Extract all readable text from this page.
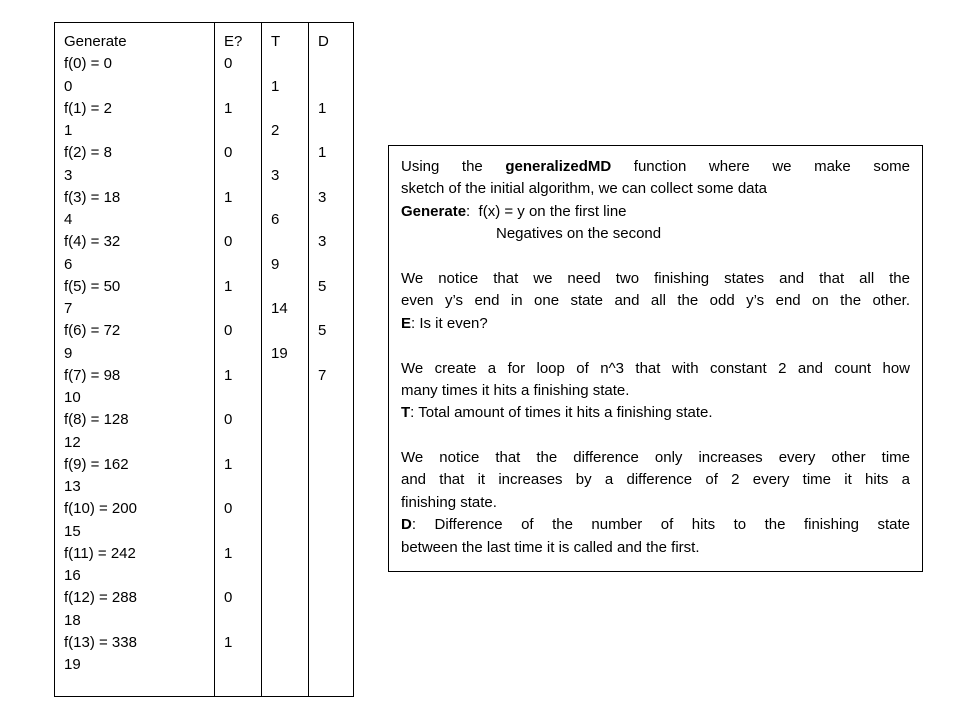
Generate
f(0) = 0
0
f(1) = 2
1
f(2) = 8
3
f(3) = 18
4
f(4) = 32
6
f(5) = 50
7
f(6) = 72
9
f(7) = 98
10
f(8) = 128
12
f(9) = 162
13
f(10) = 200
15
f(11) = 242
16
f(12) = 288
18
f(13) = 338
19
E?
0
1
0
1
0
1
0
1
0
1
0
1
0
1
T
1
2
3
6
9
14
19
D
1
1
3
3
5
5
7
Using the generalizedMD function where we make some
sketch of the initial algorithm, we can collect some data
Generate:  f(x) = y on the first line
Negatives on the second
We notice that we need two finishing states and that all the
even y’s end in one state and all the odd y’s end on the other.
E: Is it even?
We create a for loop of n^3 that with constant 2 and count how
many times it hits a finishing state.
T: Total amount of times it hits a finishing state.
We notice that the difference only increases every other time
and that it increases by a difference of 2 every time it hits a
finishing state.
D: Difference of the number of hits to the finishing state
between the last time it is called and the first.
